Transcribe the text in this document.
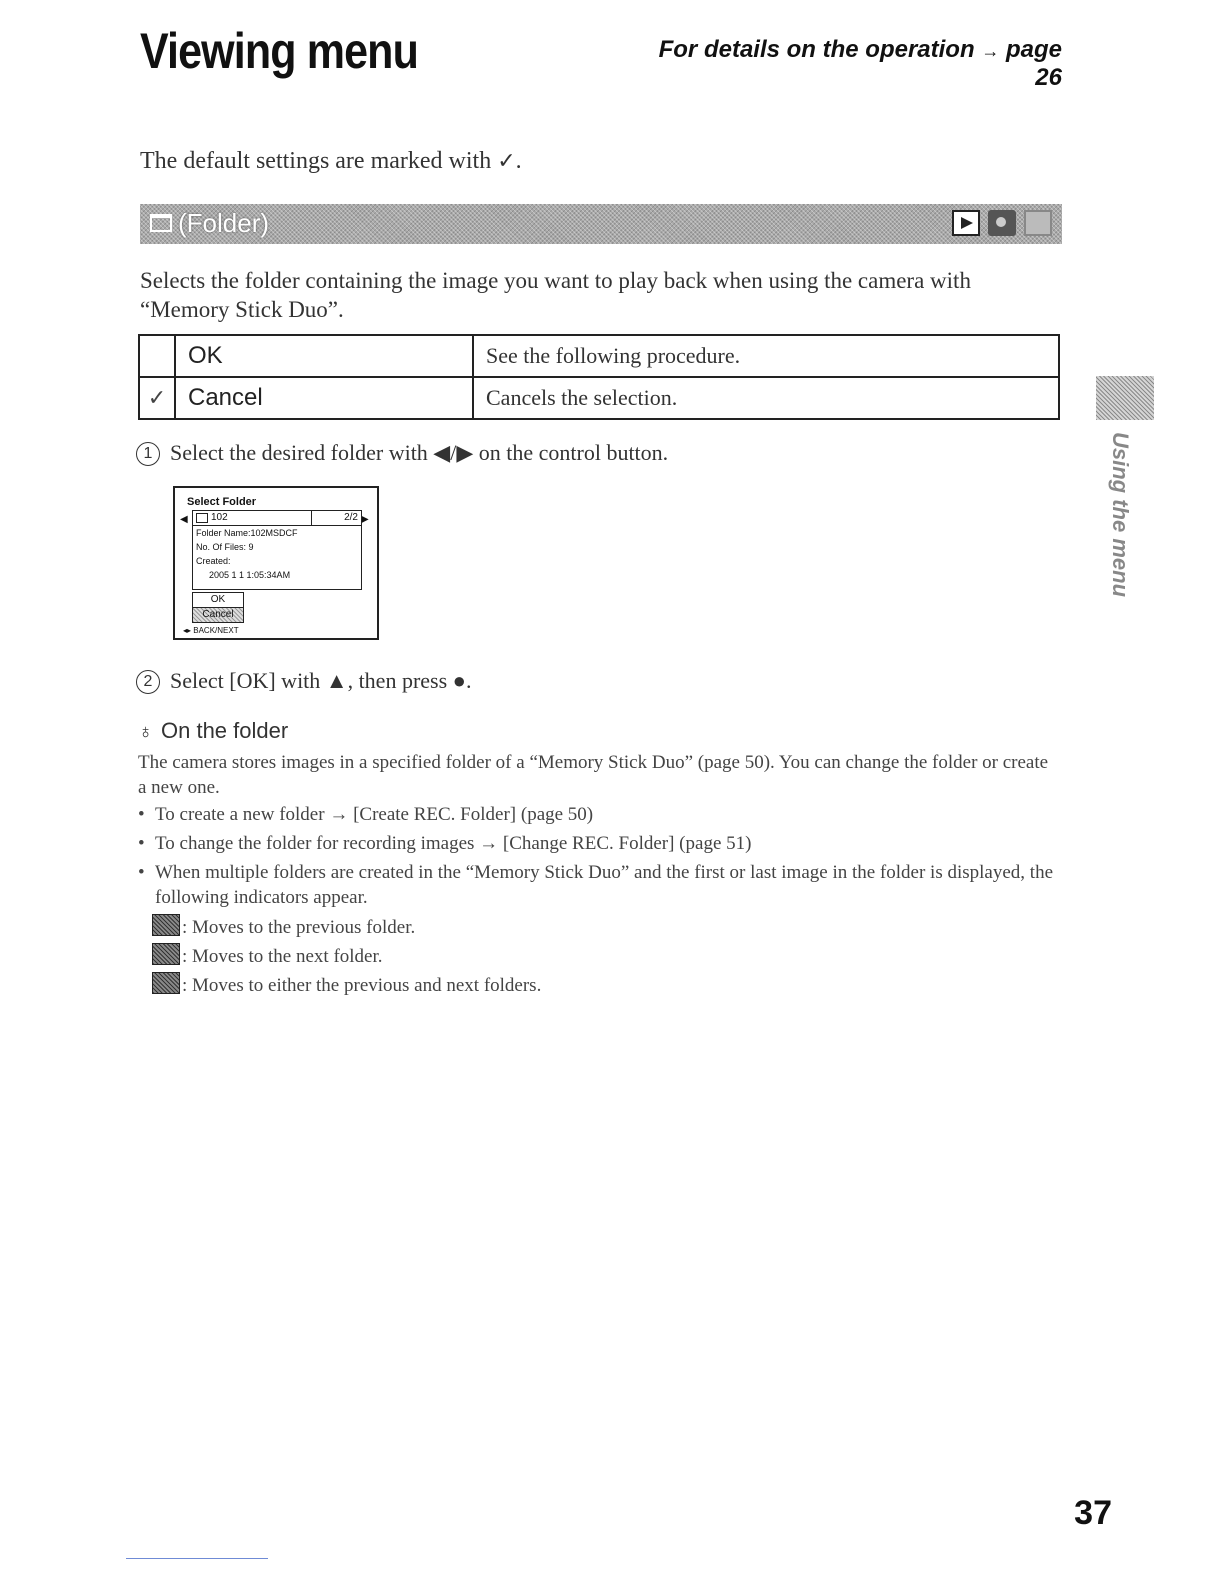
Viewing menu	For details on the operation → page 26
The default settings are marked with ✓.
(Folder)
Selects the folder containing the image you want to play back when using the camera with “Memory Stick Duo”.
	OK	See the following procedure.
✓	Cancel	Cancels the selection.
1 Select the desired folder with ◀/▶ on the control button.
Select Folder
◀	▶
102	2/2
Folder Name:102MSDCF
No. Of Files: 9
Created:
2005 1 1 1:05:34AM
OK
Cancel
◂▸ BACK/NEXT
2 Select [OK] with ▲, then press ●.
♁ On the folder
The camera stores images in a specified folder of a “Memory Stick Duo” (page 50). You can change the folder or create a new one.
• To create a new folder → [Create REC. Folder] (page 50)
• To change the folder for recording images → [Change REC. Folder] (page 51)
• When multiple folders are created in the “Memory Stick Duo” and the first or last image in the folder is displayed, the following indicators appear.
: Moves to the previous folder.
: Moves to the next folder.
: Moves to either the previous and next folders.
Using the menu
37
